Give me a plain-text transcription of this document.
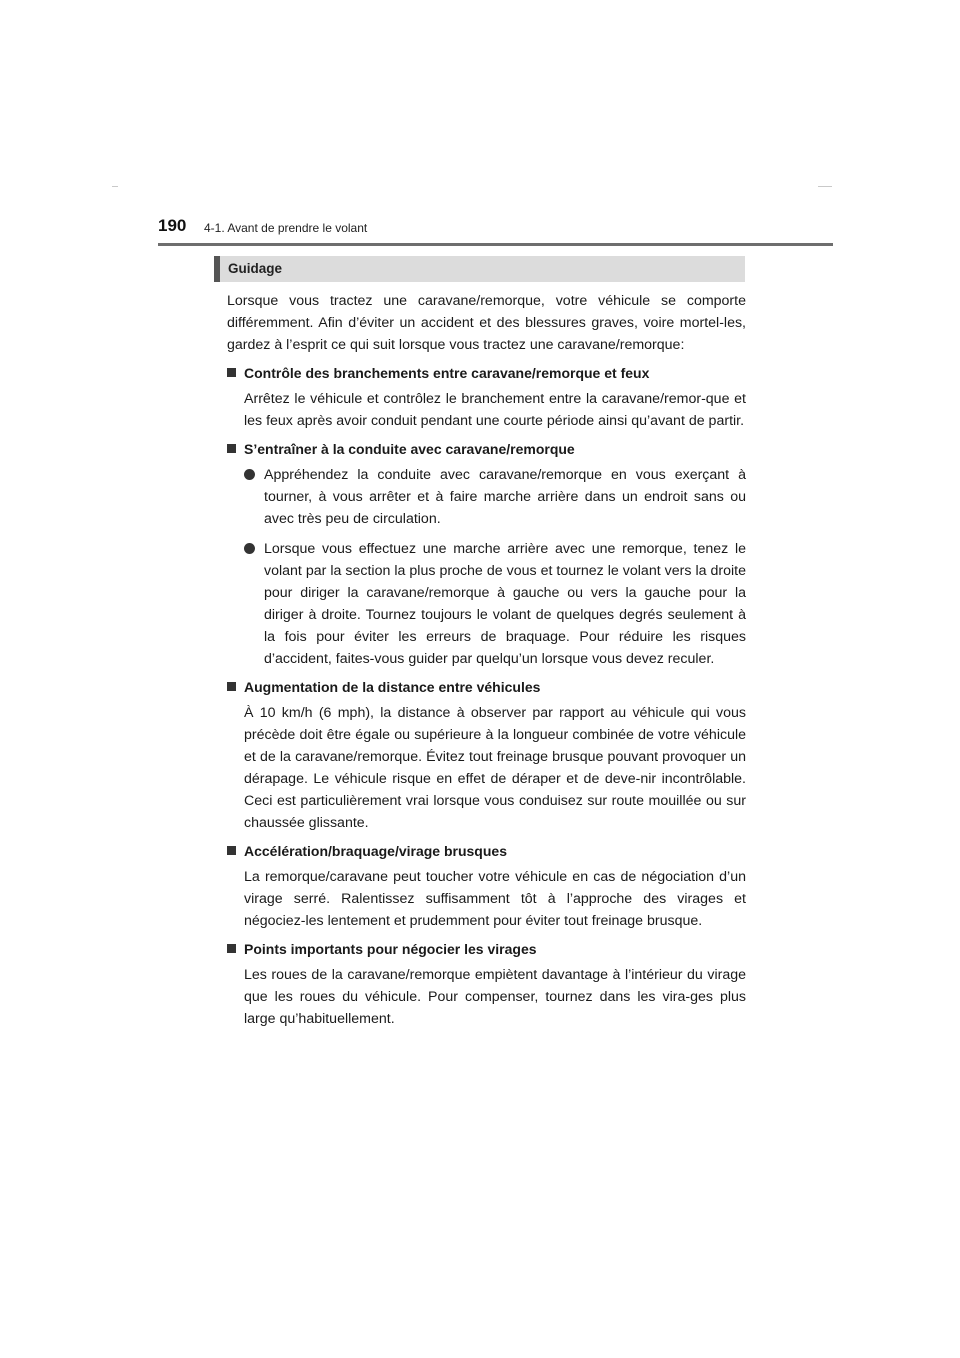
190 4-1. Avant de prendre le volant
Guidage

Lorsque vous tractez une caravane/remorque, votre véhicule se comporte différemment. Afin d’éviter un accident et des blessures graves, voire mortel-les, gardez à l’esprit ce qui suit lorsque vous tractez une caravane/remorque:

Contrôle des branchements entre caravane/remorque et feux

Arrêtez le véhicule et contrôlez le branchement entre la caravane/remor-que et les feux après avoir conduit pendant une courte période ainsi qu’avant de partir.

S’entraîner à la conduite avec caravane/remorque

Appréhendez la conduite avec caravane/remorque en vous exerçant à tourner, à vous arrêter et à faire marche arrière dans un endroit sans ou avec très peu de circulation.

Lorsque vous effectuez une marche arrière avec une remorque, tenez le volant par la section la plus proche de vous et tournez le volant vers la droite pour diriger la caravane/remorque à gauche ou vers la gauche pour la diriger à droite. Tournez toujours le volant de quelques degrés seulement à la fois pour éviter les erreurs de braquage. Pour réduire les risques d’accident, faites-vous guider par quelqu’un lorsque vous devez reculer.

Augmentation de la distance entre véhicules

À 10 km/h (6 mph), la distance à observer par rapport au véhicule qui vous précède doit être égale ou supérieure à la longueur combinée de votre véhicule et de la caravane/remorque. Évitez tout freinage brusque pouvant provoquer un dérapage. Le véhicule risque en effet de déraper et de deve-nir incontrôlable. Ceci est particulièrement vrai lorsque vous conduisez sur route mouillée ou sur chaussée glissante.

Accélération/braquage/virage brusques

La remorque/caravane peut toucher votre véhicule en cas de négociation d’un virage serré. Ralentissez suffisamment tôt à l’approche des virages et négociez-les lentement et prudemment pour éviter tout freinage brusque.

Points importants pour négocier les virages

Les roues de la caravane/remorque empiètent davantage à l’intérieur du virage que les roues du véhicule. Pour compenser, tournez dans les vira-ges plus large qu’habituellement.
